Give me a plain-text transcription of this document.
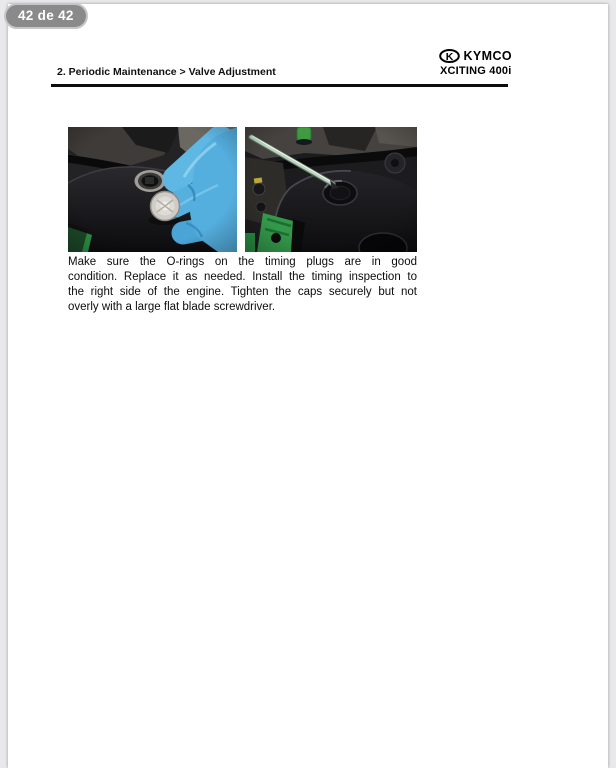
2. Periodic Maintenance > Valve Adjustment
K KYMCO
XCITING 400i
Make sure the O-rings on the timing plugs are in good
condition. Replace it as needed. Install the timing inspection to
the right side of the engine. Tighten the caps securely but not
overly with a large flat blade screwdriver.
42 de 42
